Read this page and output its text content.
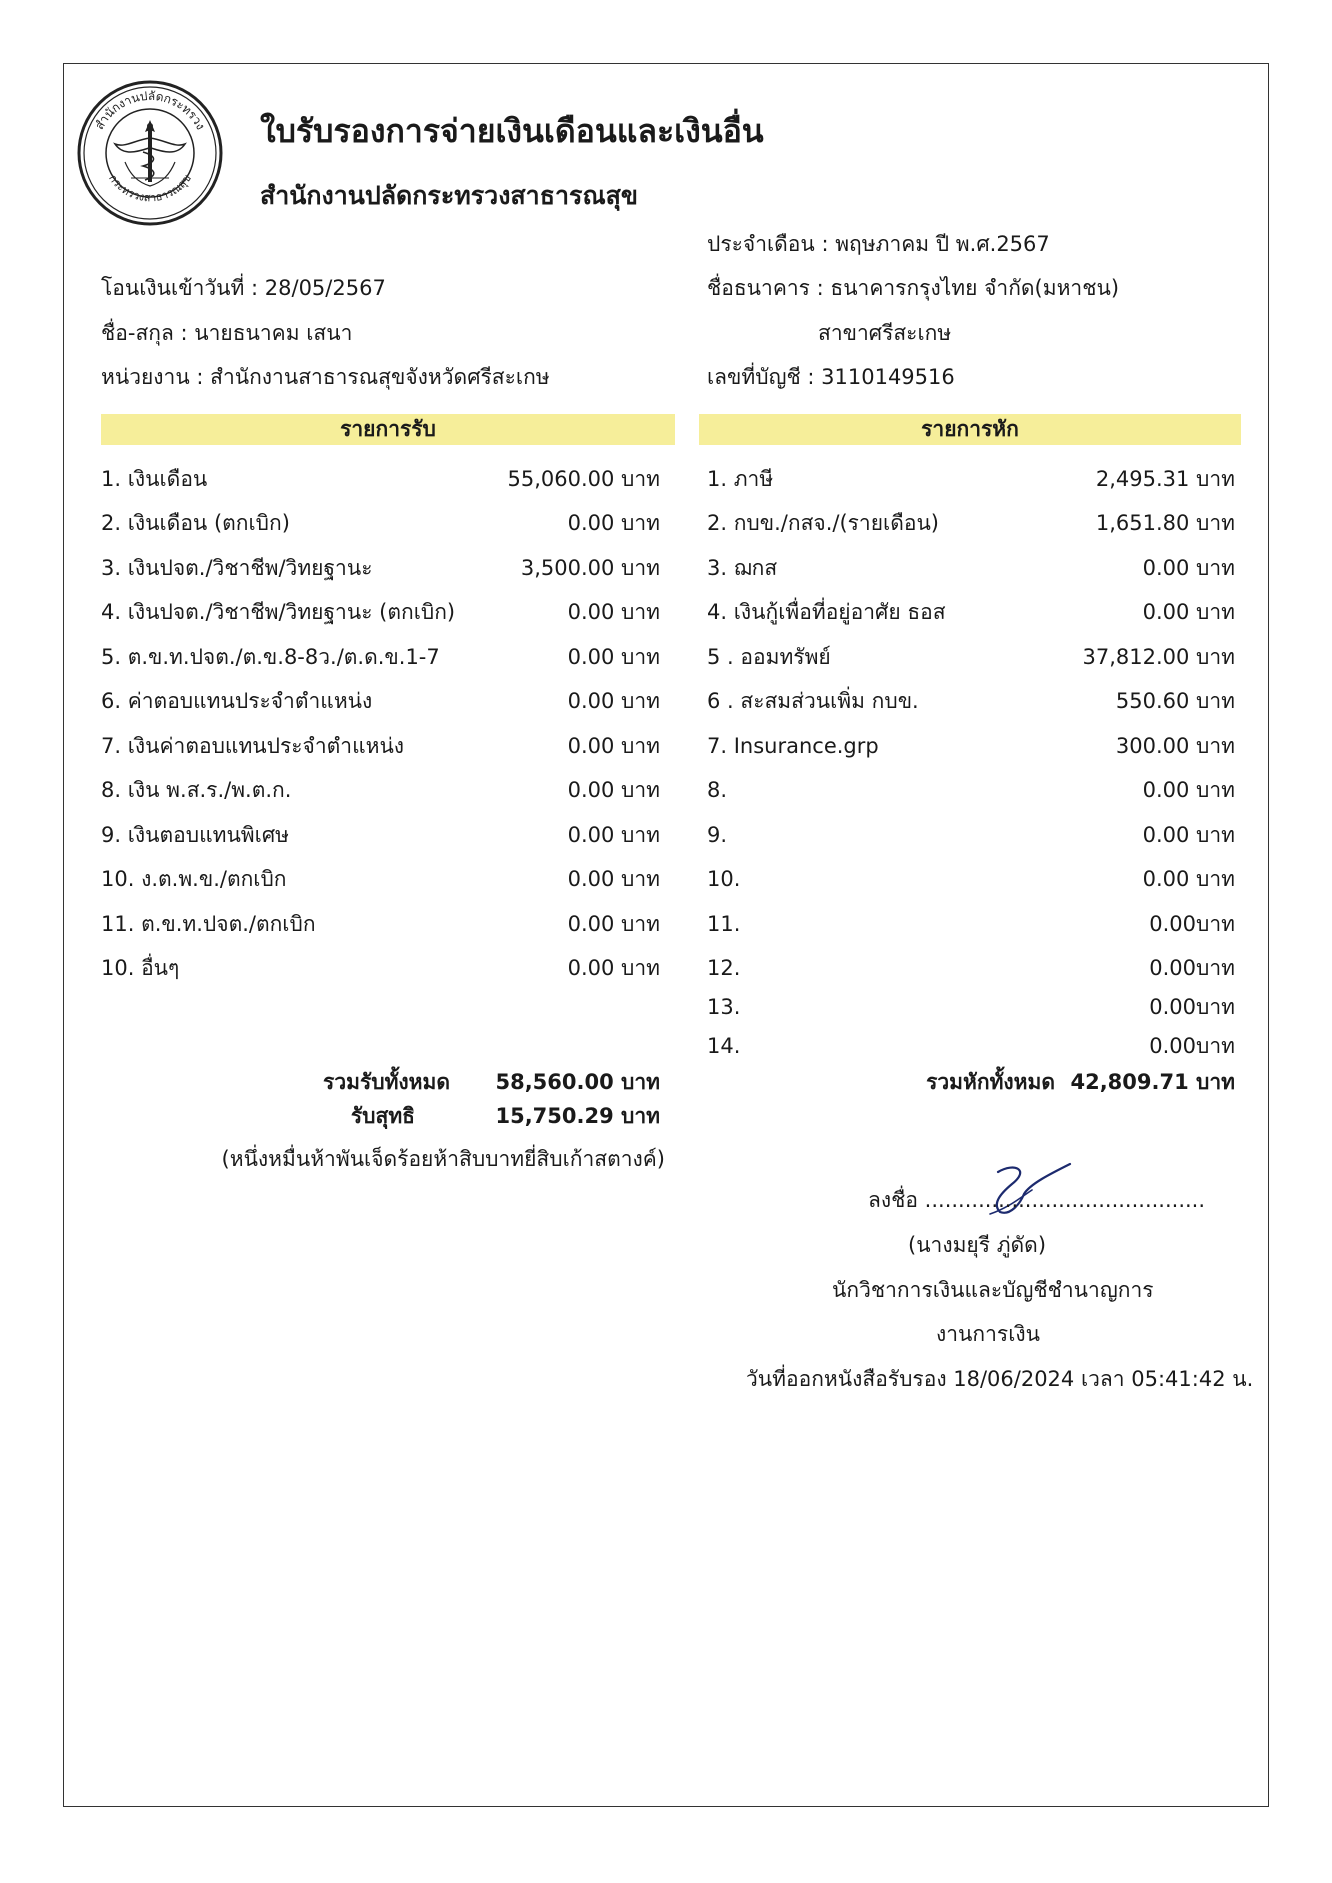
สำนักงานปลัดกระทรวง
กระทรวงสาธารณสุข
ใบรับรองการจ่ายเงินเดือนและเงินอื่น
สำนักงานปลัดกระทรวงสาธารณสุข
ประจำเดือน : พฤษภาคม ปี พ.ศ.2567
โอนเงินเข้าวันที่ : 28/05/2567	ชื่อธนาคาร : ธนาคารกรุงไทย จำกัด(มหาชน)
ชื่อ-สกุล : นายธนาคม เสนา	สาขาศรีสะเกษ
หน่วยงาน : สำนักงานสาธารณสุขจังหวัดศรีสะเกษ	เลขที่บัญชี : 3110149516
รายการรับ	รายการหัก
1. เงินเดือน	55,060.00 บาท
2. เงินเดือน (ตกเบิก)	0.00 บาท
3. เงินปจต./วิชาชีพ/วิทยฐานะ	3,500.00 บาท
4. เงินปจต./วิชาชีพ/วิทยฐานะ (ตกเบิก)	0.00 บาท
5. ต.ข.ท.ปจต./ต.ข.8-8ว./ต.ด.ข.1-7	0.00 บาท
6. ค่าตอบแทนประจำตำแหน่ง	0.00 บาท
7. เงินค่าตอบแทนประจำตำแหน่ง	0.00 บาท
8. เงิน พ.ส.ร./พ.ต.ก.	0.00 บาท
9. เงินตอบแทนพิเศษ	0.00 บาท
10. ง.ต.พ.ข./ตกเบิก	0.00 บาท
11. ต.ข.ท.ปจต./ตกเบิก	0.00 บาท
10. อื่นๆ	0.00 บาท
1. ภาษี	2,495.31 บาท
2. กบข./กสจ./(รายเดือน)	1,651.80 บาท
3. ฌกส	0.00 บาท
4. เงินกู้เพื่อที่อยู่อาศัย ธอส	0.00 บาท
5 . ออมทรัพย์	37,812.00 บาท
6 . สะสมส่วนเพิ่ม กบข.	550.60 บาท
7. Insurance.grp	300.00 บาท
8.	0.00 บาท
9.	0.00 บาท
10.	0.00 บาท
11.	0.00บาท
12.	0.00บาท
13.	0.00บาท
14.	0.00บาท
รวมรับทั้งหมด	58,560.00 บาท
รับสุทธิ	15,750.29 บาท
(หนึ่งหมื่นห้าพันเจ็ดร้อยห้าสิบบาทยี่สิบเก้าสตางค์)
รวมหักทั้งหมด 42,809.71 บาท
ลงชื่อ ..........................................
(นางมยุรี ภู่ดัด)
นักวิชาการเงินและบัญชีชำนาญการ
งานการเงิน
วันที่ออกหนังสือรับรอง 18/06/2024 เวลา 05:41:42 น.
